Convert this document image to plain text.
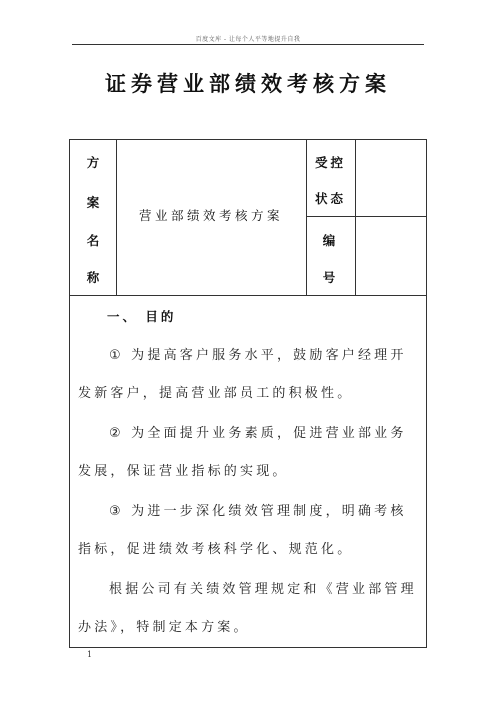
百度文库 - 让每个人平等地提升自我
证券营业部绩效考核方案
方
案
名
称
营业部绩效考核方案
受控
状态
编
号
一、 目的
① 为提高客户服务水平，鼓励客户经理开发新客户，提高营业部员工的积极性。
② 为全面提升业务素质，促进营业部业务发展，保证营业指标的实现。
③ 为进一步深化绩效管理制度，明确考核指标，促进绩效考核科学化、规范化。
根据公司有关绩效管理规定和《营业部管理办法》，特制定本方案。
1
